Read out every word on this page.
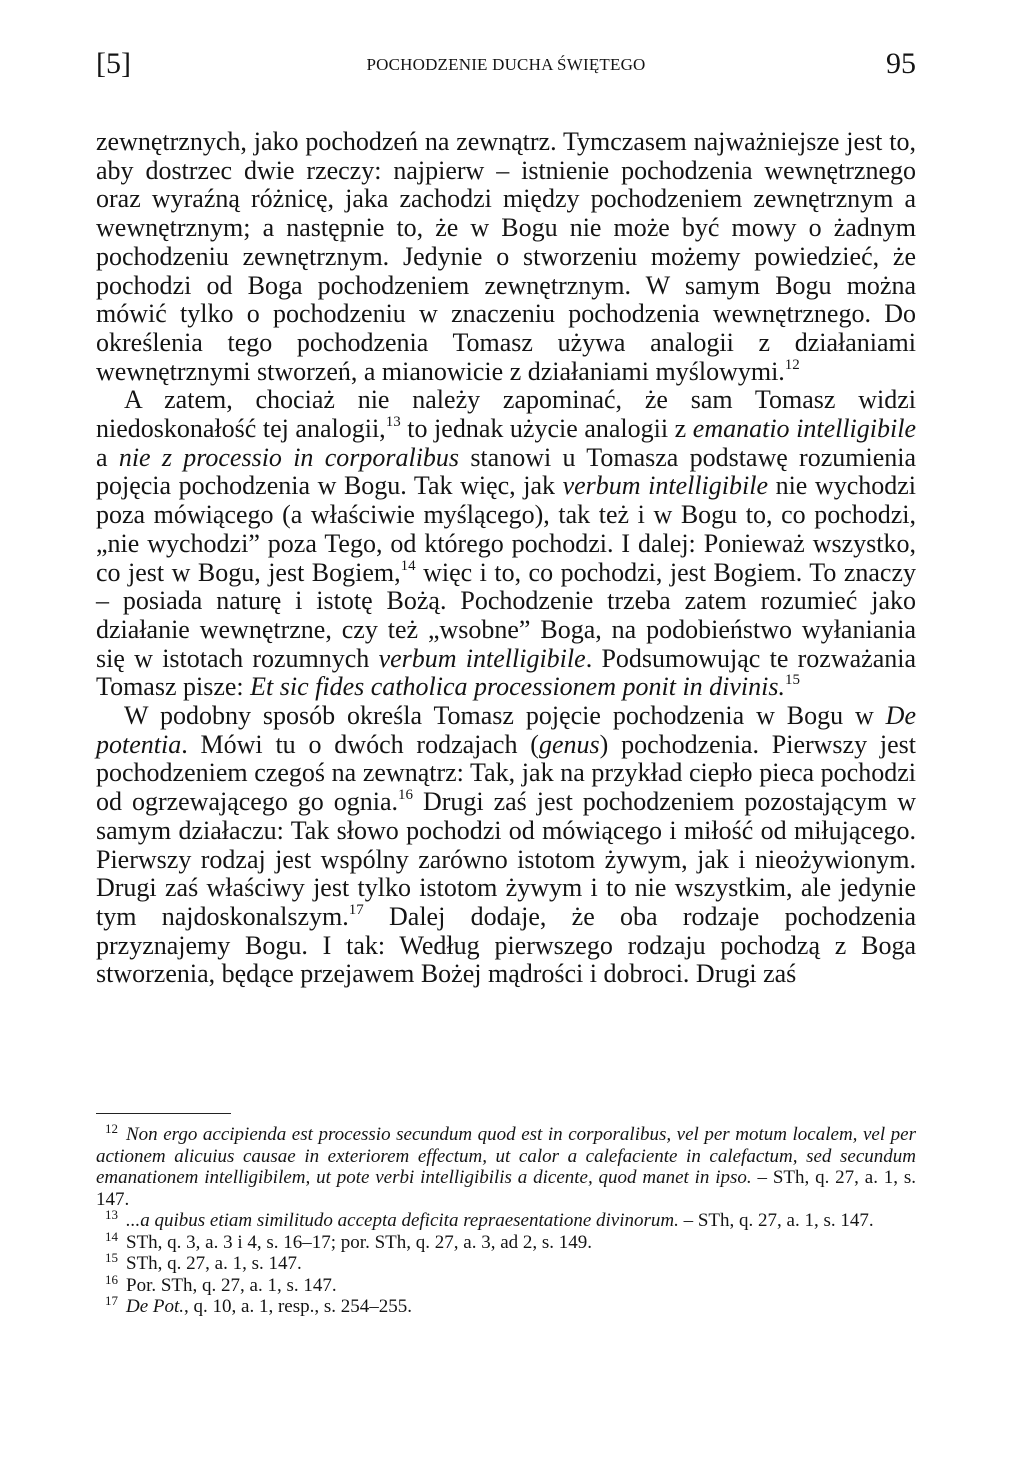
[5]	POCHODZENIE DUCHA ŚWIĘTEGO	95

zewnętrznych, jako pochodzeń na zewnątrz. Tymczasem najważniejsze jest to, aby dostrzec dwie rzeczy: najpierw – istnienie pochodzenia wewnętrznego oraz wyraźną różnicę, jaka zachodzi między pochodzeniem zewnętrznym a wewnętrznym; a następnie to, że w Bogu nie może być mowy o żadnym pochodzeniu zewnętrznym. Jedynie o stworzeniu możemy powiedzieć, że pochodzi od Boga pochodzeniem zewnętrznym. W samym Bogu można mówić tylko o pochodzeniu w znaczeniu pochodzenia wewnętrznego. Do określenia tego pochodzenia Tomasz używa analogii z działaniami wewnętrznymi stworzeń, a mianowicie z działaniami myślowymi.$^{12}$

A zatem, chociaż nie należy zapominać, że sam Tomasz widzi niedoskonałość tej analogii,$^{13}$ to jednak użycie analogii z emanatio intelligibile a nie z processio in corporalibus stanowi u Tomasza podstawę rozumienia pojęcia pochodzenia w Bogu. Tak więc, jak verbum intelligibile nie wychodzi poza mówiącego (a właściwie myślącego), tak też i w Bogu to, co pochodzi, „nie wychodzi” poza Tego, od którego pochodzi. I dalej: Ponieważ wszystko, co jest w Bogu, jest Bogiem,$^{14}$ więc i to, co pochodzi, jest Bogiem. To znaczy – posiada naturę i istotę Bożą. Pochodzenie trzeba zatem rozumieć jako działanie wewnętrzne, czy też „wsobne” Boga, na podobieństwo wyłaniania się w istotach rozumnych verbum intelligibile. Podsumowując te rozważania Tomasz pisze: Et sic fides catholica processionem ponit in divinis.$^{15}$

W podobny sposób określa Tomasz pojęcie pochodzenia w Bogu w De potentia. Mówi tu o dwóch rodzajach (genus) pochodzenia. Pierwszy jest pochodzeniem czegoś na zewnątrz: Tak, jak na przykład ciepło pieca pochodzi od ogrzewającego go ognia.$^{16}$ Drugi zaś jest pochodzeniem pozostającym w samym działaczu: Tak słowo pochodzi od mówiącego i miłość od miłującego. Pierwszy rodzaj jest wspólny zarówno istotom żywym, jak i nieożywionym. Drugi zaś właściwy jest tylko istotom żywym i to nie wszystkim, ale jedynie tym najdoskonalszym.$^{17}$ Dalej dodaje, że oba rodzaje pochodzenia przyznajemy Bogu. I tak: Według pierwszego rodzaju pochodzą z Boga stworzenia, będące przejawem Bożej mądrości i dobroci. Drugi zaś

12 Non ergo accipienda est processio secundum quod est in corporalibus, vel per motum localem, vel per actionem alicuius causae in exteriorem effectum, ut calor a calefaciente in calefactum, sed secundum emanationem intelligibilem, ut pote verbi intelligibilis a dicente, quod manet in ipso. – STh, q. 27, a. 1, s. 147.

13 ...a quibus etiam similitudo accepta deficita repraesentatione divinorum. – STh, q. 27, a. 1, s. 147.

14 STh, q. 3, a. 3 i 4, s. 16–17; por. STh, q. 27, a. 3, ad 2, s. 149.

15 STh, q. 27, a. 1, s. 147.

16 Por. STh, q. 27, a. 1, s. 147.

17 De Pot., q. 10, a. 1, resp., s. 254–255.
